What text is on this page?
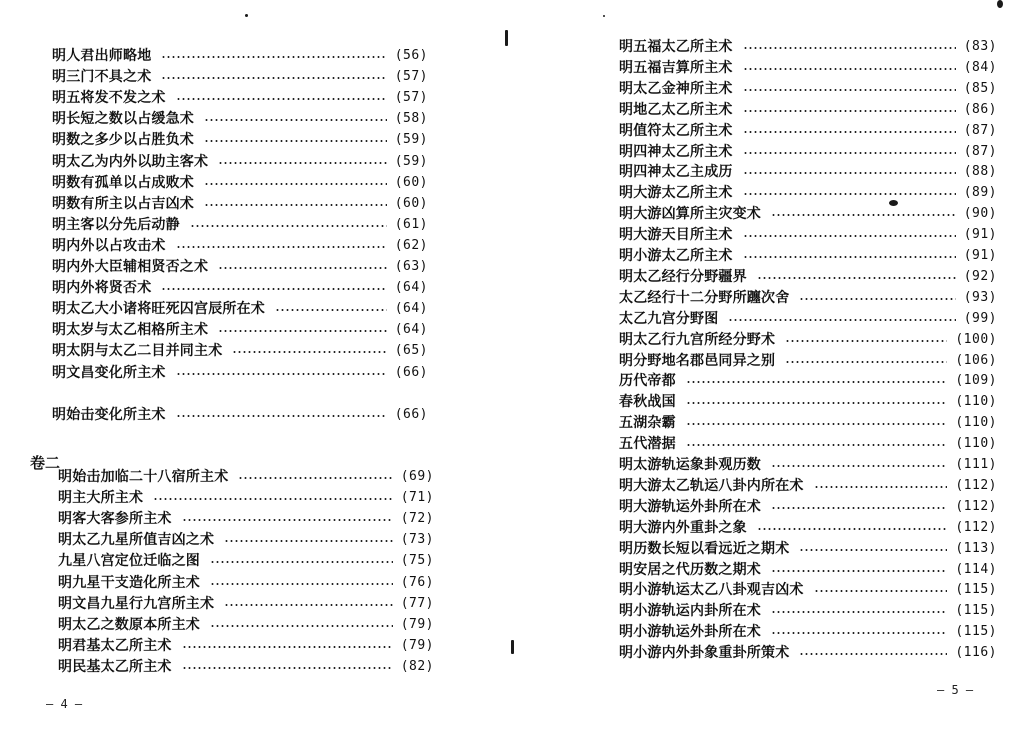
明人君出师略地	(56)
明三门不具之术	(57)
明五将发不发之术	(57)
明长短之数以占缓急术	(58)
明数之多少以占胜负术	(59)
明太乙为内外以助主客术	(59)
明数有孤单以占成败术	(60)
明数有所主以占吉凶术	(60)
明主客以分先后动静	(61)
明内外以占攻击术	(62)
明内外大臣辅相贤否之术	(63)
明内外将贤否术	(64)
明太乙大小诸将旺死囚宫辰所在术	(64)
明太岁与太乙相格所主术	(64)
明太阴与太乙二目并同主术	(65)
明文昌变化所主术	(66)
明始击变化所主术	(66)
卷二
明始击加临二十八宿所主术	(69)
明主大所主术	(71)
明客大客参所主术	(72)
明太乙九星所值吉凶之术	(73)
九星八宫定位迁临之图	(75)
明九星干支造化所主术	(76)
明文昌九星行九宫所主术	(77)
明太乙之数原本所主术	(79)
明君基太乙所主术	(79)
明民基太乙所主术	(82)
— 4 —
明五福太乙所主术	(83)
明五福吉算所主术	(84)
明太乙金神所主术	(85)
明地乙太乙所主术	(86)
明值符太乙所主术	(87)
明四神太乙所主术	(87)
明四神太乙主成历	(88)
明大游太乙所主术	(89)
明大游凶算所主灾变术	(90)
明大游天目所主术	(91)
明小游太乙所主术	(91)
明太乙经行分野疆界	(92)
太乙经行十二分野所躔次舍	(93)
太乙九宫分野图	(99)
明太乙行九宫所经分野术	(100)
明分野地名郡邑同异之别	(106)
历代帝都	(109)
春秋战国	(110)
五湖杂霸	(110)
五代潜据	(110)
明太游轨运象卦观历数	(111)
明大游太乙轨运八卦内所在术	(112)
明大游轨运外卦所在术	(112)
明大游内外重卦之象	(112)
明历数长短以看远近之期术	(113)
明安居之代历数之期术	(114)
明小游轨运太乙八卦观吉凶术	(115)
明小游轨运内卦所在术	(115)
明小游轨运外卦所在术	(115)
明小游内外卦象重卦所策术	(116)
— 5 —
